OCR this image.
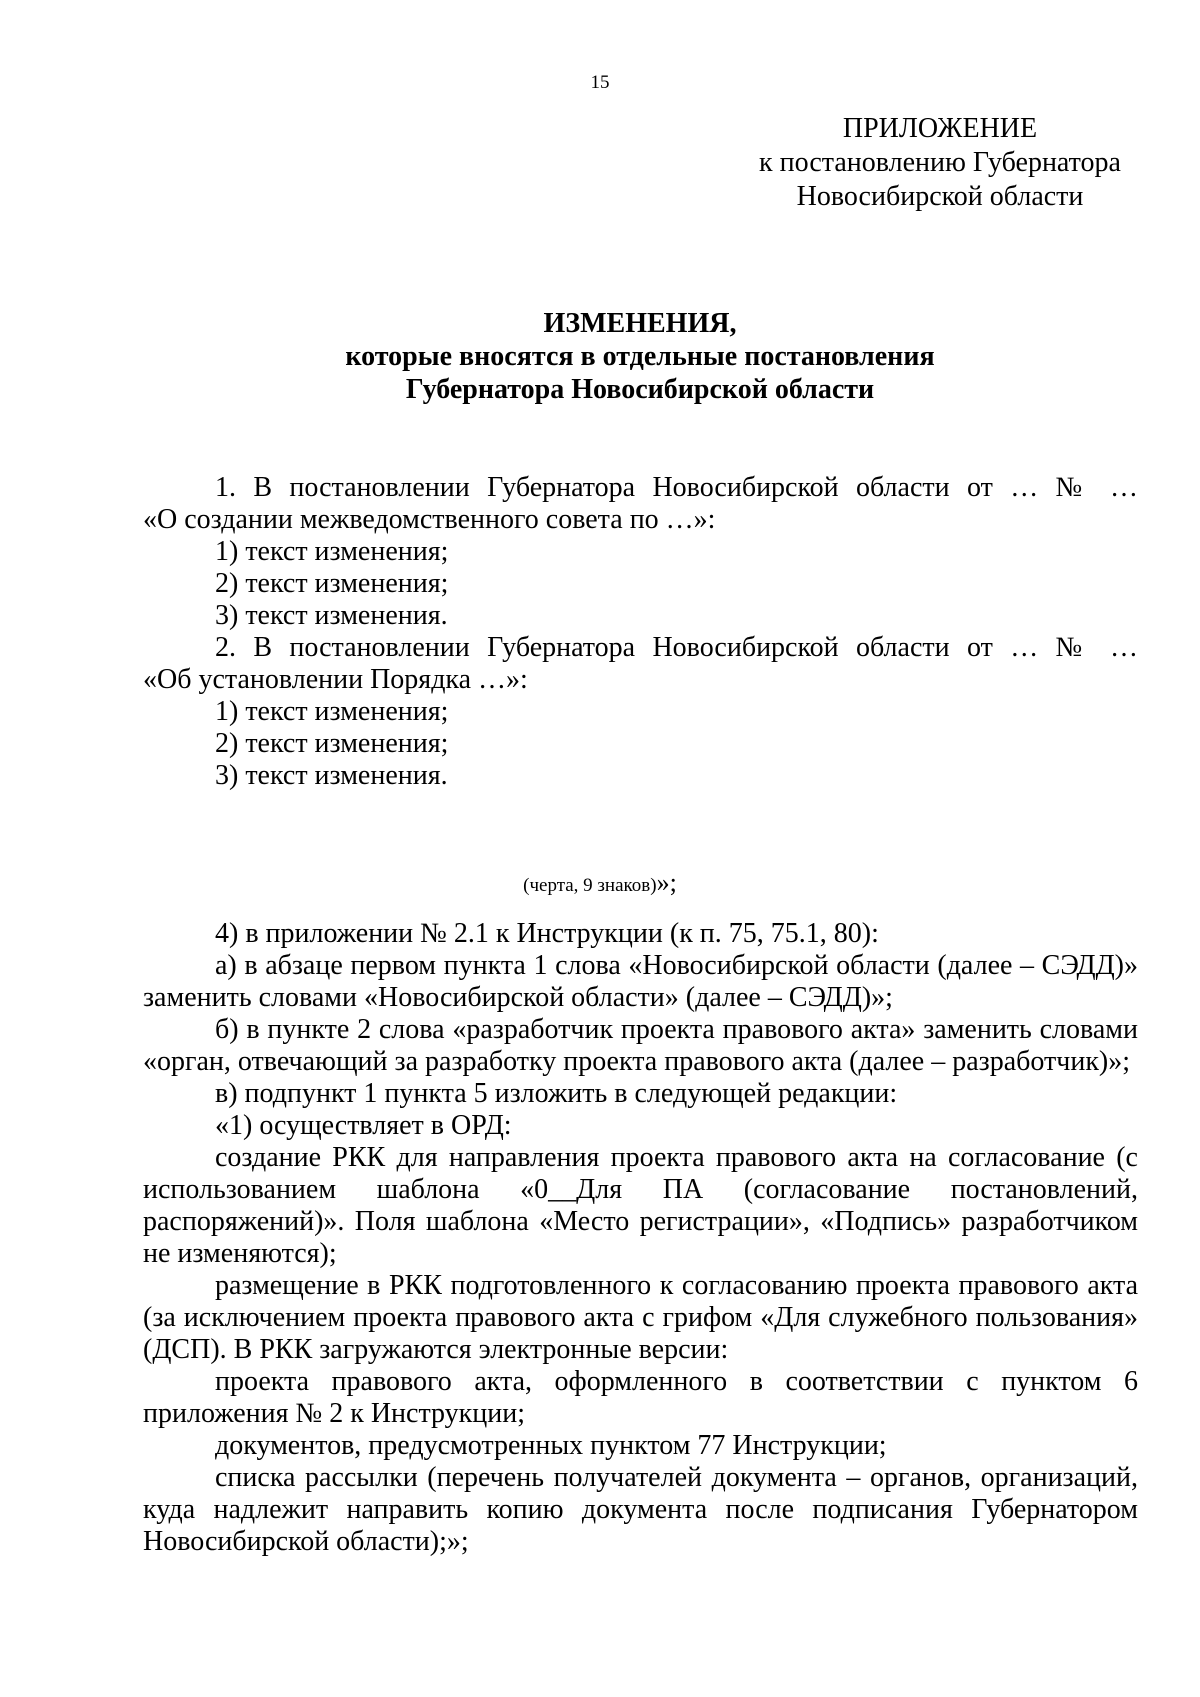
15
ПРИЛОЖЕНИЕ
к постановлению Губернатора
Новосибирской области
ИЗМЕНЕНИЯ,
которые вносятся в отдельные постановления
Губернатора Новосибирской области

1. В постановлении Губернатора Новосибирской области от … № …

«О создании межведомственного совета по …»:

1) текст изменения;

2) текст изменения;

3) текст изменения.

2. В постановлении Губернатора Новосибирской области от … № …

«Об установлении Порядка …»:

1) текст изменения;

2) текст изменения;

3) текст изменения.

(черта, 9 знаков)»;

4) в приложении № 2.1 к Инструкции (к п. 75, 75.1, 80):

а) в абзаце первом пункта 1 слова «Новосибирской области (далее – СЭДД)» заменить словами «Новосибирской области» (далее – СЭДД)»;

б) в пункте 2 слова «разработчик проекта правового акта» заменить словами «орган, отвечающий за разработку проекта правового акта (далее – разработчик)»;

в) подпункт 1 пункта 5 изложить в следующей редакции:

«1) осуществляет в ОРД:

создание РКК для направления проекта правового акта на согласование (с использованием шаблона «0__Для ПА (согласование постановлений, распоряжений)». Поля шаблона «Место регистрации», «Подпись» разработчиком не изменяются);

размещение в РКК подготовленного к согласованию проекта правового акта (за исключением проекта правового акта с грифом «Для служебного пользования» (ДСП). В РКК загружаются электронные версии:

проекта правового акта, оформленного в соответствии с пунктом 6 приложения № 2 к Инструкции;

документов, предусмотренных пунктом 77 Инструкции;

списка рассылки (перечень получателей документа – органов, организаций, куда надлежит направить копию документа после подписания Губернатором Новосибирской области);»;
